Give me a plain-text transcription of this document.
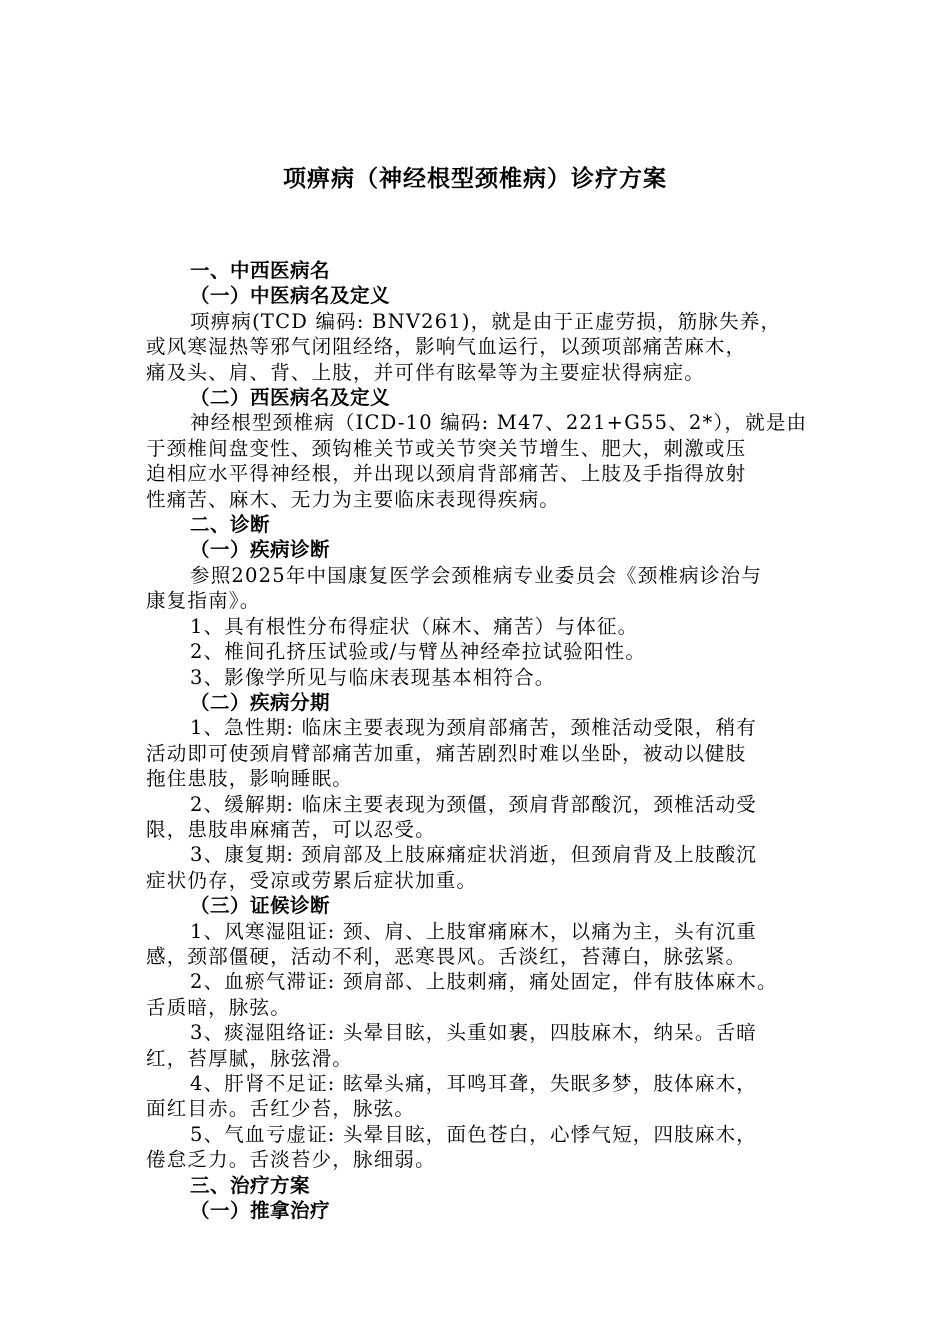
项痹病（神经根型颈椎病）诊疗方案
一、中西医病名
（一）中医病名及定义
项痹病(TCD 编码: BNV261)，就是由于正虚劳损，筋脉失养，
或风寒湿热等邪气闭阻经络，影响气血运行，以颈项部痛苦麻木，
痛及头、肩、背、上肢，并可伴有眩晕等为主要症状得病症。
（二）西医病名及定义
神经根型颈椎病（ICD-10 编码: M47、221+G55、2*），就是由
于颈椎间盘变性、颈钩椎关节或关节突关节增生、肥大，刺激或压
迫相应水平得神经根，并出现以颈肩背部痛苦、上肢及手指得放射
性痛苦、麻木、无力为主要临床表现得疾病。
二、诊断
（一）疾病诊断
参照2025年中国康复医学会颈椎病专业委员会《颈椎病诊治与
康复指南》。
1、具有根性分布得症状（麻木、痛苦）与体征。
2、椎间孔挤压试验或/与臂丛神经牵拉试验阳性。
3、影像学所见与临床表现基本相符合。
（二）疾病分期
1、急性期: 临床主要表现为颈肩部痛苦，颈椎活动受限，稍有
活动即可使颈肩臂部痛苦加重，痛苦剧烈时难以坐卧，被动以健肢
拖住患肢，影响睡眠。
2、缓解期: 临床主要表现为颈僵，颈肩背部酸沉，颈椎活动受
限，患肢串麻痛苦，可以忍受。
3、康复期: 颈肩部及上肢麻痛症状消逝，但颈肩背及上肢酸沉
症状仍存，受凉或劳累后症状加重。
（三）证候诊断
1、风寒湿阻证: 颈、肩、上肢窜痛麻木，以痛为主，头有沉重
感，颈部僵硬，活动不利，恶寒畏风。舌淡红，苔薄白，脉弦紧。
2、血瘀气滞证: 颈肩部、上肢刺痛，痛处固定，伴有肢体麻木。
舌质暗，脉弦。
3、痰湿阻络证: 头晕目眩，头重如裹，四肢麻木，纳呆。舌暗
红，苔厚腻，脉弦滑。
4、肝肾不足证: 眩晕头痛，耳鸣耳聋，失眠多梦，肢体麻木，
面红目赤。舌红少苔，脉弦。
5、气血亏虚证: 头晕目眩，面色苍白，心悸气短，四肢麻木，
倦怠乏力。舌淡苔少，脉细弱。
三、治疗方案
（一）推拿治疗
